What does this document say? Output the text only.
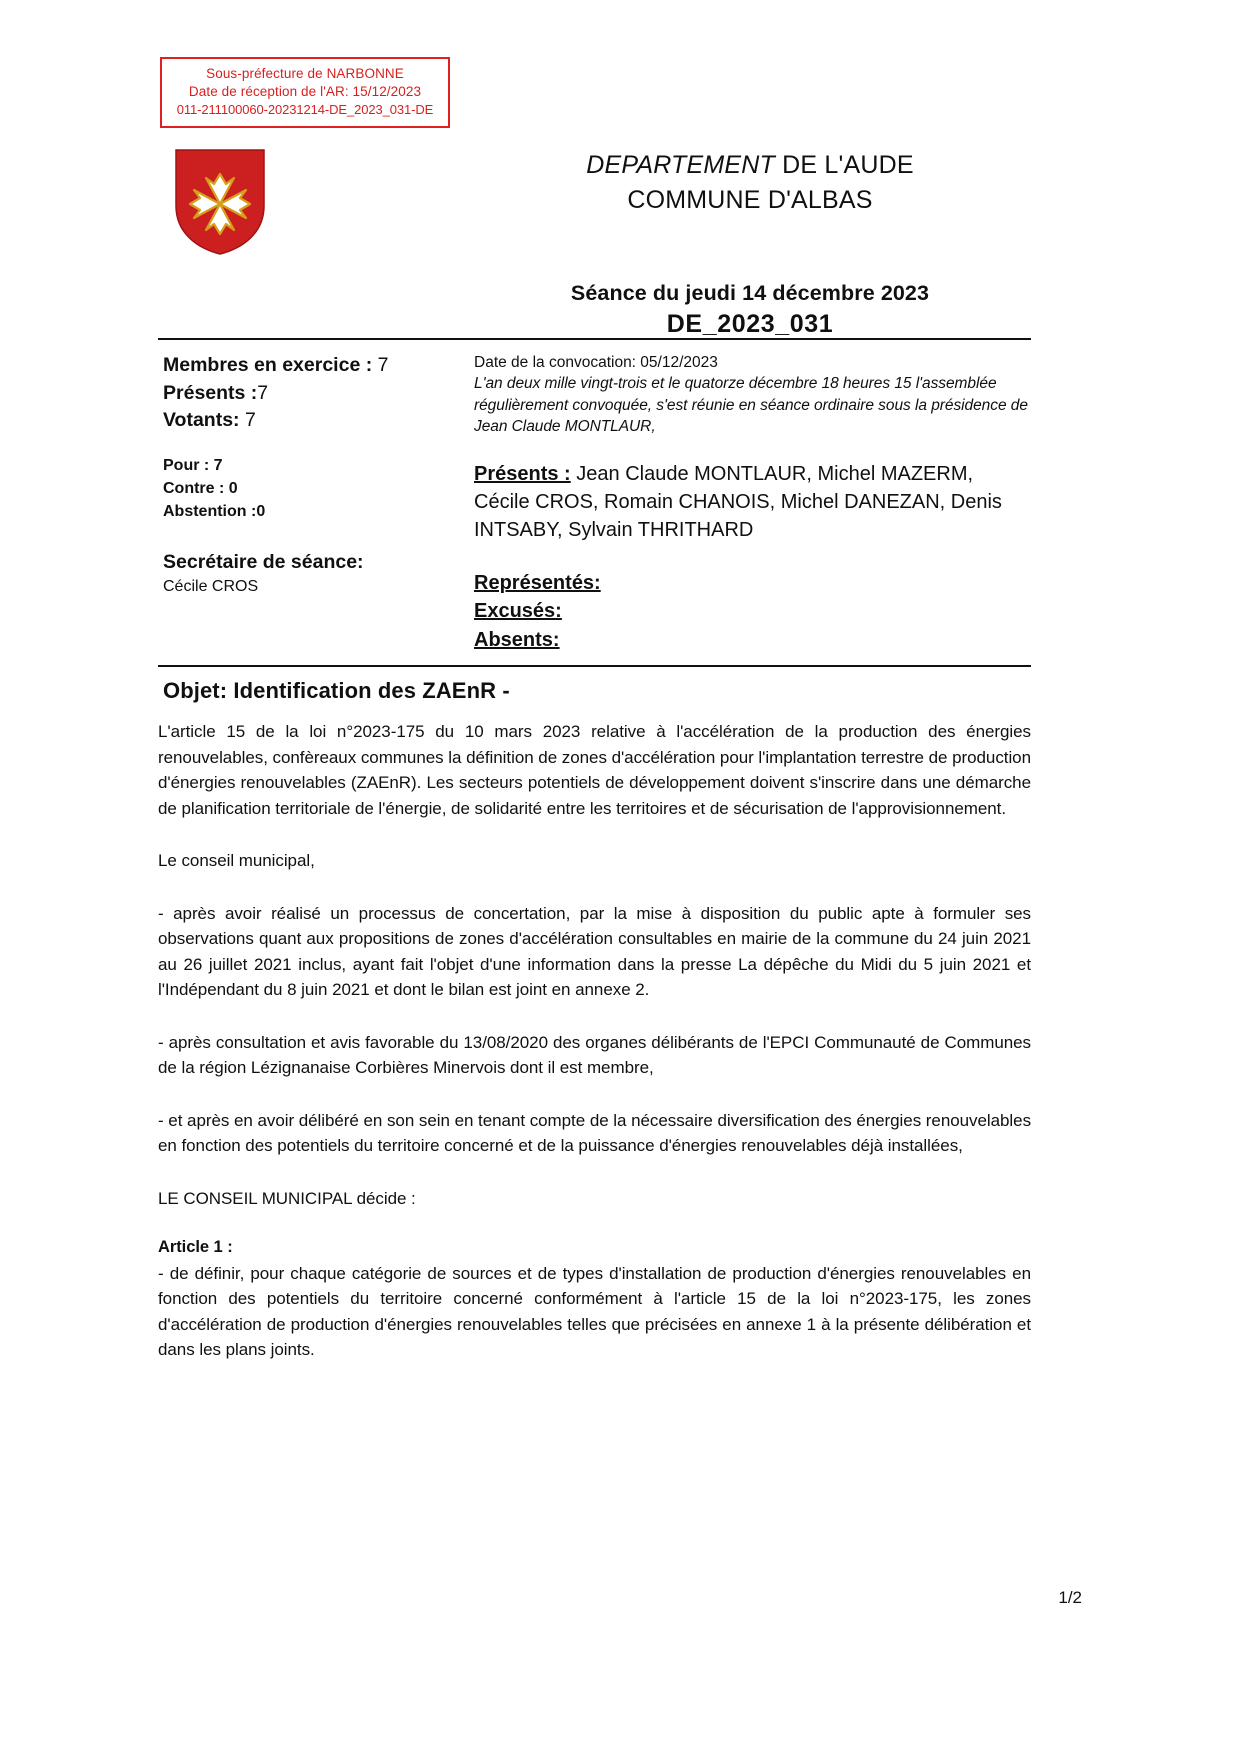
Sous-préfecture de NARBONNE
Date de réception de l'AR: 15/12/2023
011-211100060-20231214-DE_2023_031-DE
DEPARTEMENT DE L'AUDE
COMMUNE D'ALBAS
Séance du jeudi 14 décembre 2023
DE_2023_031
Membres en exercice : 7
Présents :7
Votants: 7
Pour : 7
Contre : 0
Abstention :0
Secrétaire de séance:
Cécile CROS
Date de la convocation: 05/12/2023
L'an deux mille vingt-trois et le quatorze décembre 18 heures 15 l'assemblée régulièrement convoquée, s'est réunie en séance ordinaire sous la présidence de Jean Claude MONTLAUR,
Présents : Jean Claude MONTLAUR, Michel MAZERM, Cécile CROS, Romain CHANOIS, Michel DANEZAN, Denis INTSABY, Sylvain THRITHARD
Représentés:
Excusés:
Absents:
Objet: Identification des ZAEnR -

L'article 15 de la loi n°2023-175 du 10 mars 2023 relative à l'accélération de la production des énergies renouvelables, confèreaux communes la définition de zones d'accélération pour l'implantation terrestre de production d'énergies renouvelables (ZAEnR). Les secteurs potentiels de développement doivent s'inscrire dans une démarche de planification territoriale de l'énergie, de solidarité entre les territoires et de sécurisation de l'approvisionnement.

Le conseil municipal,

- après avoir réalisé un processus de concertation, par la mise à disposition du public apte à formuler ses observations quant aux propositions de zones d'accélération consultables en mairie de la commune du 24 juin 2021 au 26 juillet 2021 inclus, ayant fait l'objet d'une information dans la presse La dépêche du Midi du 5 juin 2021 et l'Indépendant du 8 juin 2021 et dont le bilan est joint en annexe 2.

- après consultation et avis favorable du 13/08/2020 des organes délibérants de l'EPCI Communauté de Communes de la région Lézignanaise Corbières Minervois dont il est membre,

- et après en avoir délibéré en son sein en tenant compte de la nécessaire diversification des énergies renouvelables en fonction des potentiels du territoire concerné et de la puissance d'énergies renouvelables déjà installées,

LE CONSEIL MUNICIPAL décide :

Article 1 :

- de définir, pour chaque catégorie de sources et de types d'installation de production d'énergies renouvelables en fonction des potentiels du territoire concerné conformément à l'article 15 de la loi n°2023-175, les zones d'accélération de production d'énergies renouvelables telles que précisées en annexe 1 à la présente délibération et dans les plans joints.

1/2
